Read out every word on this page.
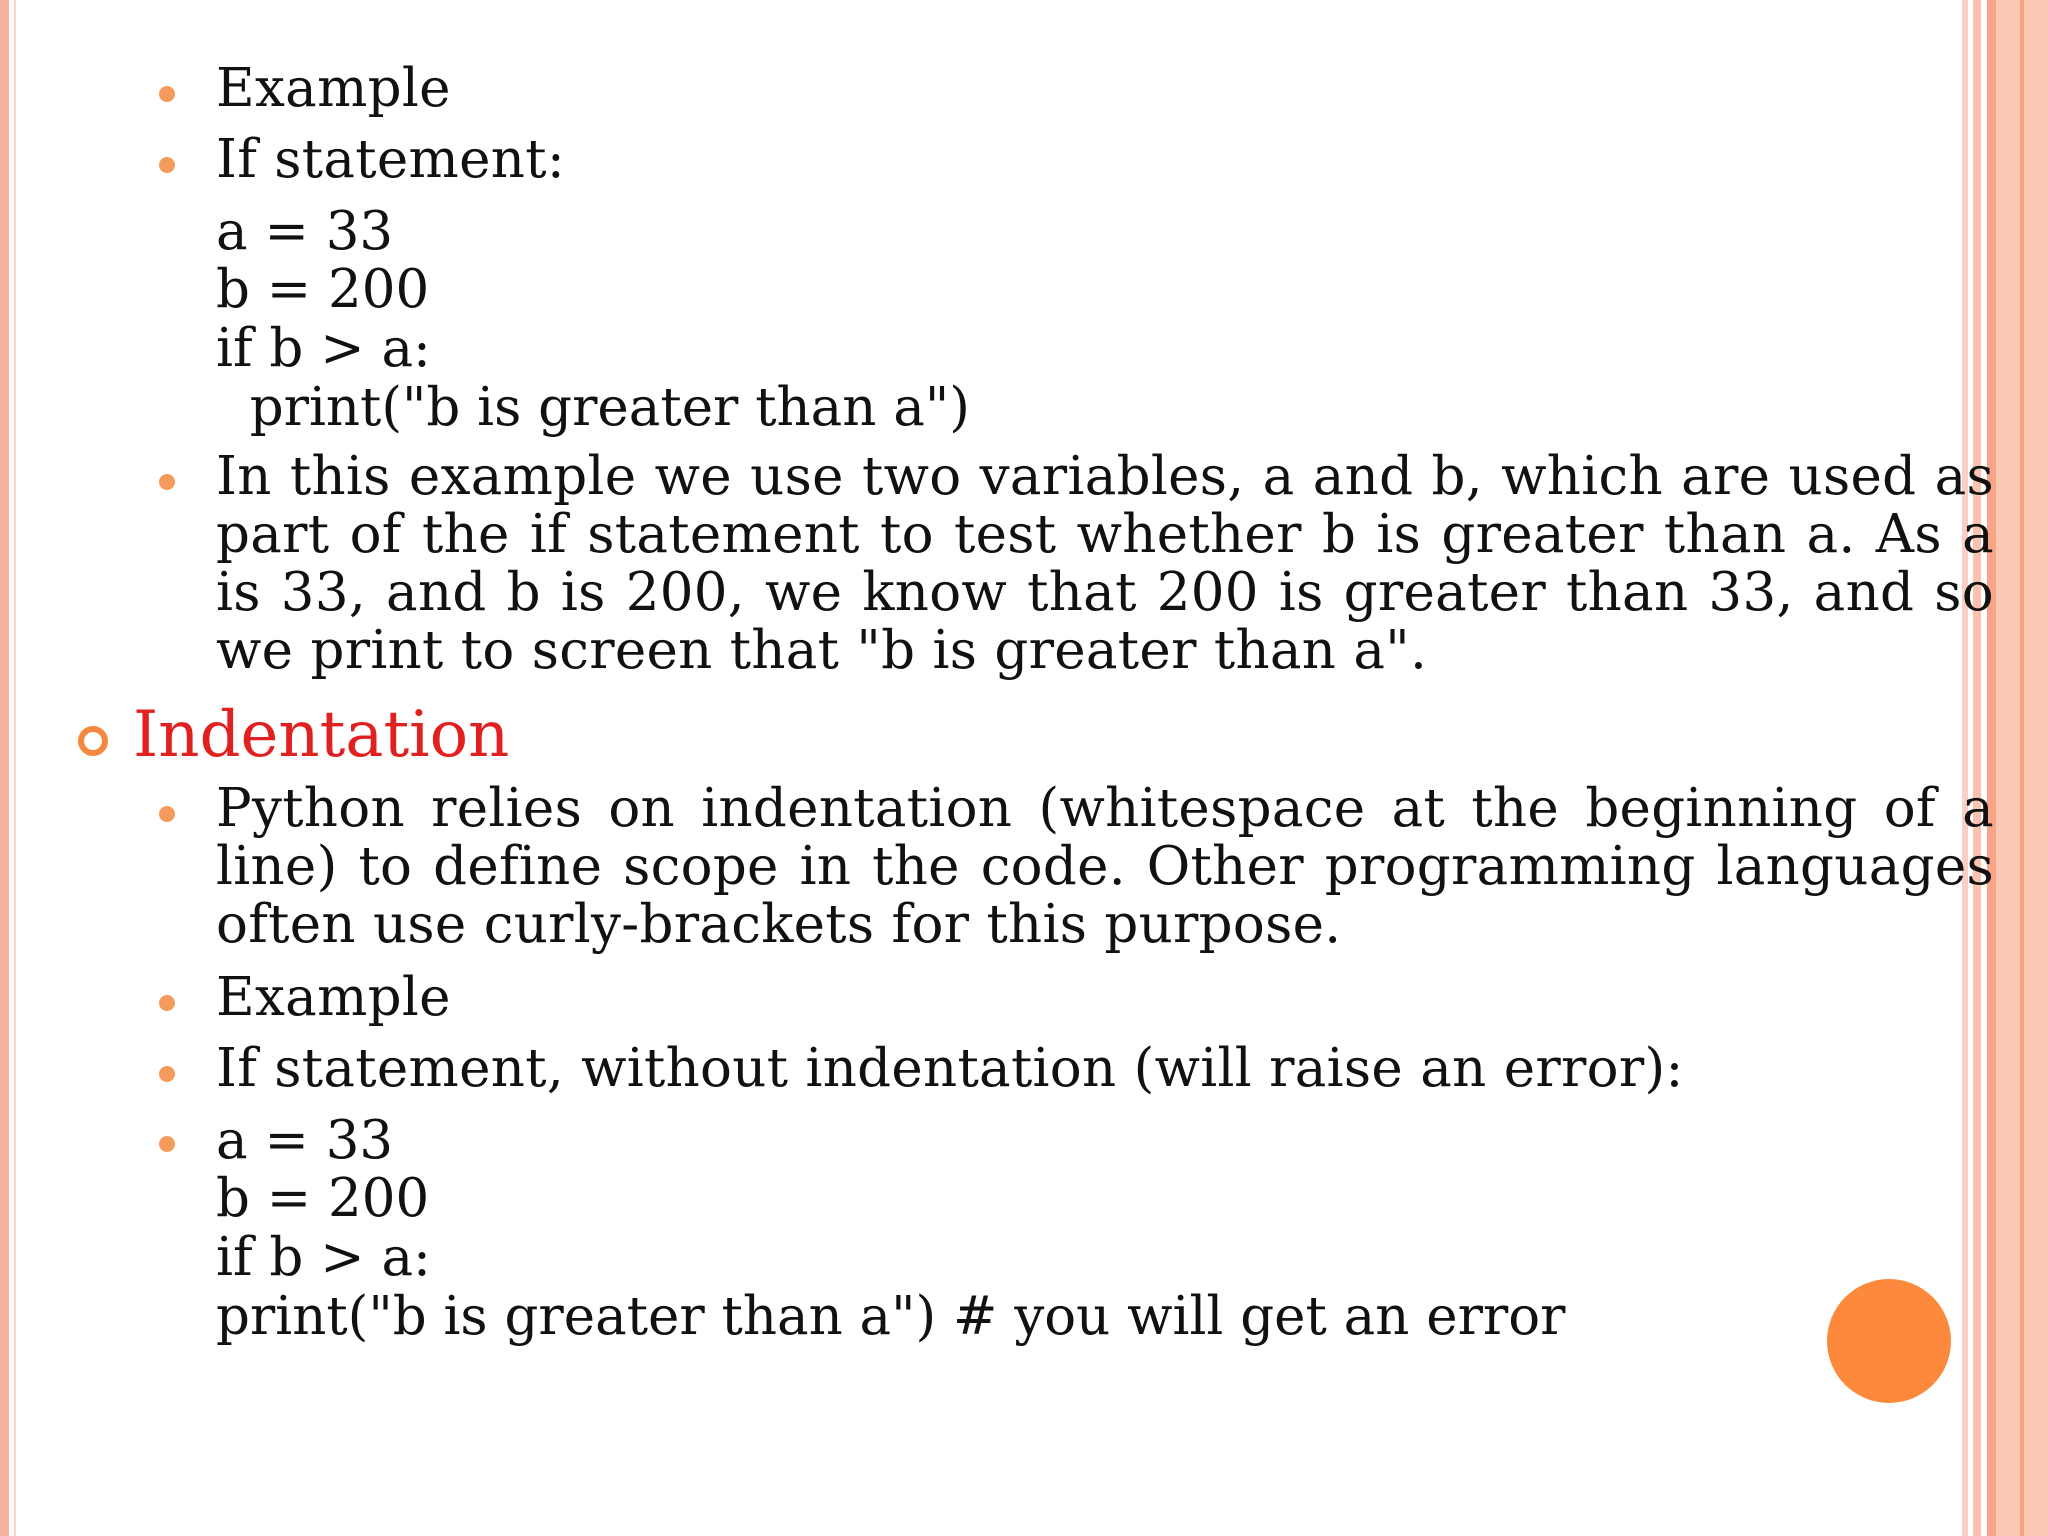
Example
If statement:
a = 33
b = 200
if b > a:
print("b is greater than a")
In this example we use two variables, a and b, which are used as part of the if statement to test whether b is greater than a. As a is 33, and b is 200, we know that 200 is greater than 33, and so we print to screen that "b is greater than a".
Indentation
Python relies on indentation (whitespace at the beginning of a line) to define scope in the code. Other programming languages often use curly-brackets for this purpose.
Example
If statement, without indentation (will raise an error):
a = 33
b = 200
if b > a:
print("b is greater than a") # you will get an error
